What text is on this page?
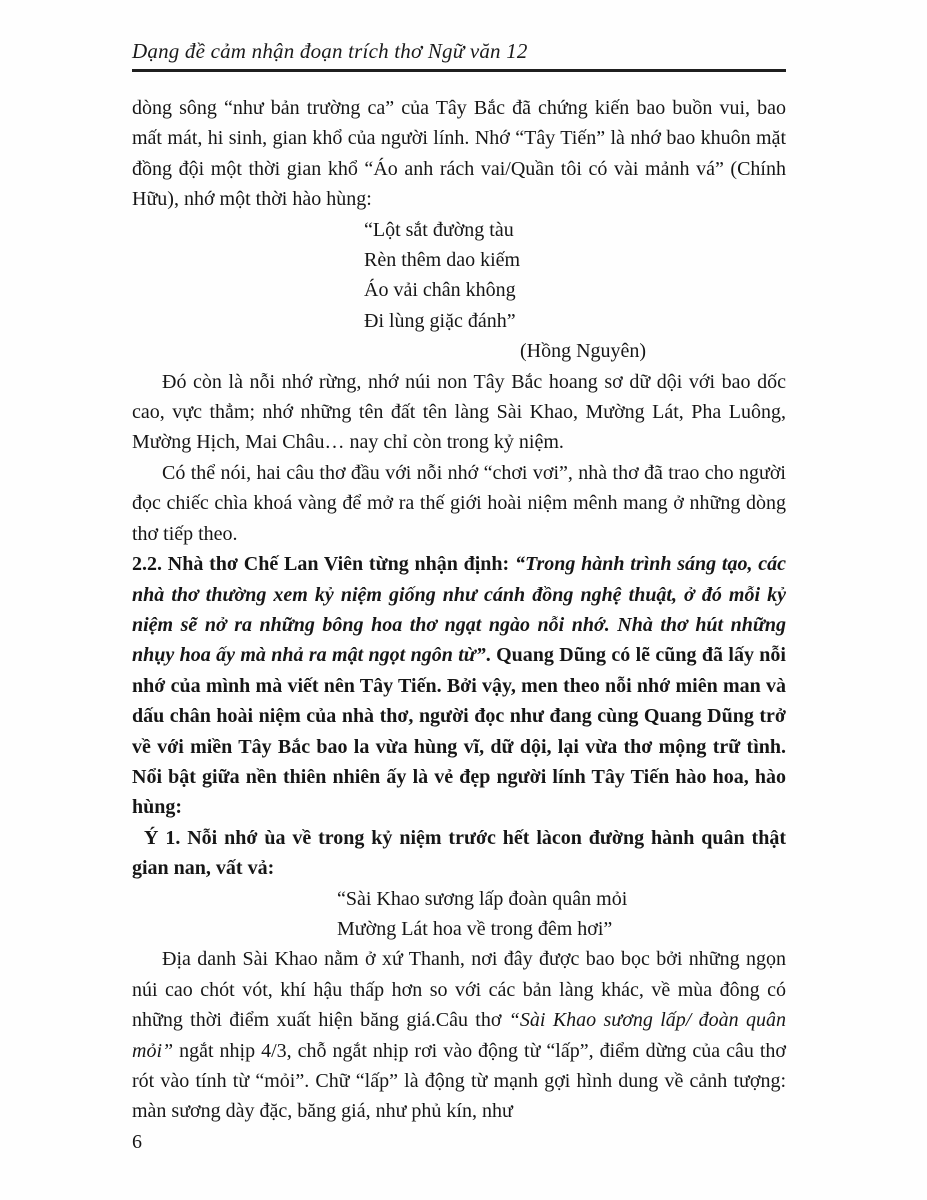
Dạng đề cảm nhận đoạn trích thơ Ngữ văn 12

dòng sông “như bản trường ca” của Tây Bắc đã chứng kiến bao buồn vui, bao mất mát, hi sinh, gian khổ của người lính. Nhớ “Tây Tiến” là nhớ bao khuôn mặt đồng đội một thời gian khổ “Áo anh rách vai/Quần tôi có vài mảnh vá” (Chính Hữu), nhớ một thời hào hùng:

“Lột sắt đường tàu
Rèn thêm dao kiếm
Áo vải chân không
Đi lùng giặc đánh”
(Hồng Nguyên)

Đó còn là nỗi nhớ rừng, nhớ núi non Tây Bắc hoang sơ dữ dội với bao dốc cao, vực thẳm; nhớ những tên đất tên làng Sài Khao, Mường Lát, Pha Luông, Mường Hịch, Mai Châu… nay chỉ còn trong kỷ niệm.

Có thể nói, hai câu thơ đầu với nỗi nhớ “chơi vơi”, nhà thơ đã trao cho người đọc chiếc chìa khoá vàng để mở ra thế giới hoài niệm mênh mang ở những dòng thơ tiếp theo.

2.2. Nhà thơ Chế Lan Viên từng nhận định: “Trong hành trình sáng tạo, các nhà thơ thường xem kỷ niệm giống như cánh đồng nghệ thuật, ở đó mỗi kỷ niệm sẽ nở ra những bông hoa thơ ngạt ngào nỗi nhớ. Nhà thơ hút những nhụy hoa ấy mà nhả ra mật ngọt ngôn từ”. Quang Dũng có lẽ cũng đã lấy nỗi nhớ của mình mà viết nên Tây Tiến. Bởi vậy, men theo nỗi nhớ miên man và dấu chân hoài niệm của nhà thơ, người đọc như đang cùng Quang Dũng trở về với miền Tây Bắc bao la vừa hùng vĩ, dữ dội, lại vừa thơ mộng trữ tình. Nổi bật giữa nền thiên nhiên ấy là vẻ đẹp người lính Tây Tiến hào hoa, hào hùng:

Ý 1. Nỗi nhớ ùa về trong kỷ niệm trước hết làcon đường hành quân thật gian nan, vất vả:

“Sài Khao sương lấp đoàn quân mỏi
Mường Lát hoa về trong đêm hơi”

Địa danh Sài Khao nằm ở xứ Thanh, nơi đây được bao bọc bởi những ngọn núi cao chót vót, khí hậu thấp hơn so với các bản làng khác, về mùa đông có những thời điểm xuất hiện băng giá.Câu thơ “Sài Khao sương lấp/ đoàn quân mỏi” ngắt nhịp 4/3, chỗ ngắt nhịp rơi vào động từ “lấp”, điểm dừng của câu thơ rót vào tính từ “mỏi”. Chữ “lấp” là động từ mạnh gợi hình dung về cảnh tượng: màn sương dày đặc, băng giá, như phủ kín, như

6
